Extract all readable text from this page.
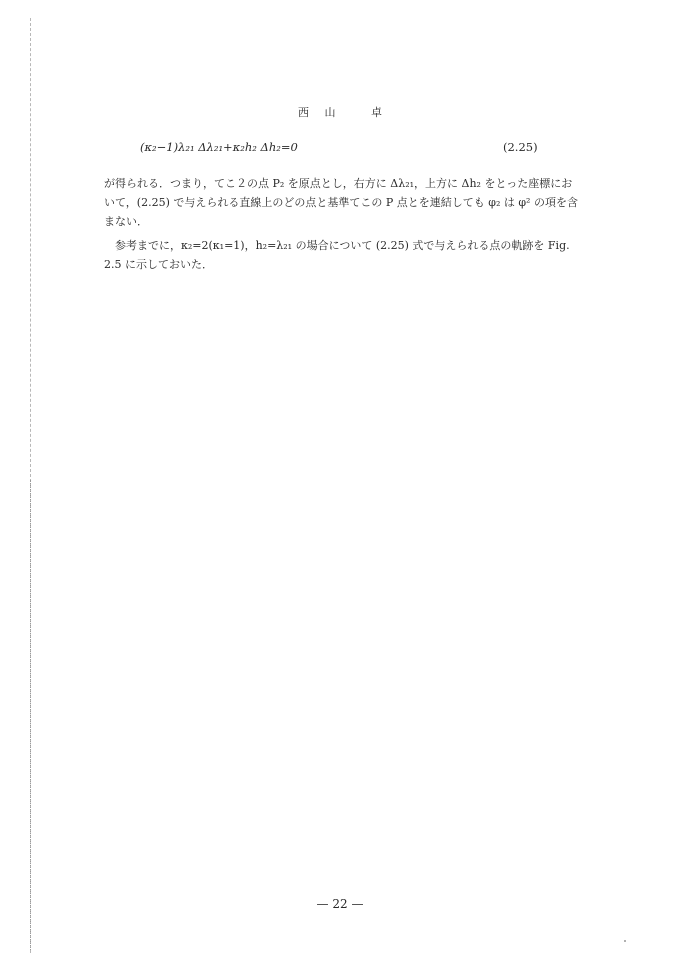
西 山	卓
(κ₂−1)λ₂₁ Δλ₂₁+κ₂h₂ Δh₂=0	(2.25)

が得られる．つまり，てこ２の点 P₂ を原点とし，右方に Δλ₂₁，上方に Δh₂ をとった座標において，(2.25) で与えられる直線上のどの点と基準てこの P 点とを連結しても φ₂ は φ² の項を含まない．

参考までに，κ₂=2(κ₁=1)，h₂=λ₂₁ の場合について (2.25) 式で与えられる点の軌跡を Fig. 2.5 に示しておいた．

— 22 —
